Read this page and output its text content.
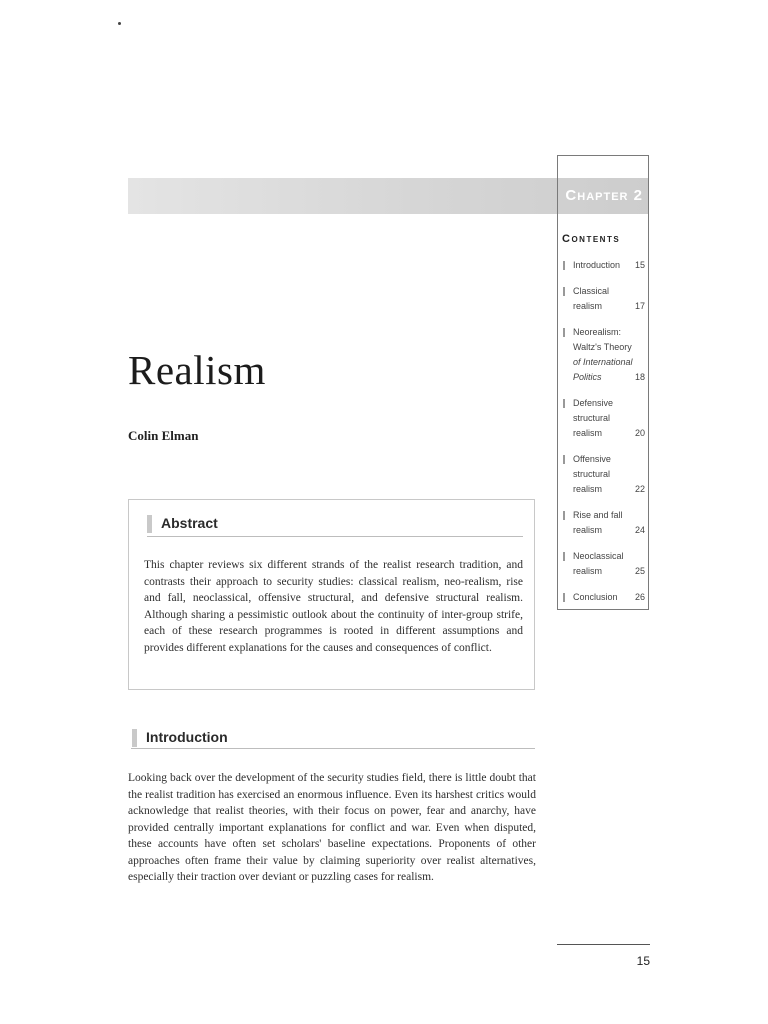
Chapter 2
Contents
Introduction	15
Classical
realism	17
Neorealism:
Waltz's Theory
of International
Politics	18
Defensive
structural
realism	20
Offensive
structural
realism	22
Rise and fall
realism	24
Neoclassical
realism	25
Conclusion	26
Realism
Colin Elman
Abstract

This chapter reviews six different strands of the realist research tradition, and contrasts their approach to security studies: classical realism, neo-realism, rise and fall, neoclassical, offensive structural, and defensive structural realism. Although sharing a pessimistic outlook about the continuity of inter-group strife, each of these research programmes is rooted in different assumptions and provides different explanations for the causes and consequences of conflict.

Introduction

Looking back over the development of the security studies field, there is little doubt that the realist tradition has exercised an enormous influence. Even its harshest critics would acknowledge that realist theories, with their focus on power, fear and anarchy, have provided centrally important explanations for conflict and war. Even when disputed, these accounts have often set scholars' baseline expectations. Proponents of other approaches often frame their value by claiming superiority over realist alternatives, especially their traction over deviant or puzzling cases for realism.

15
